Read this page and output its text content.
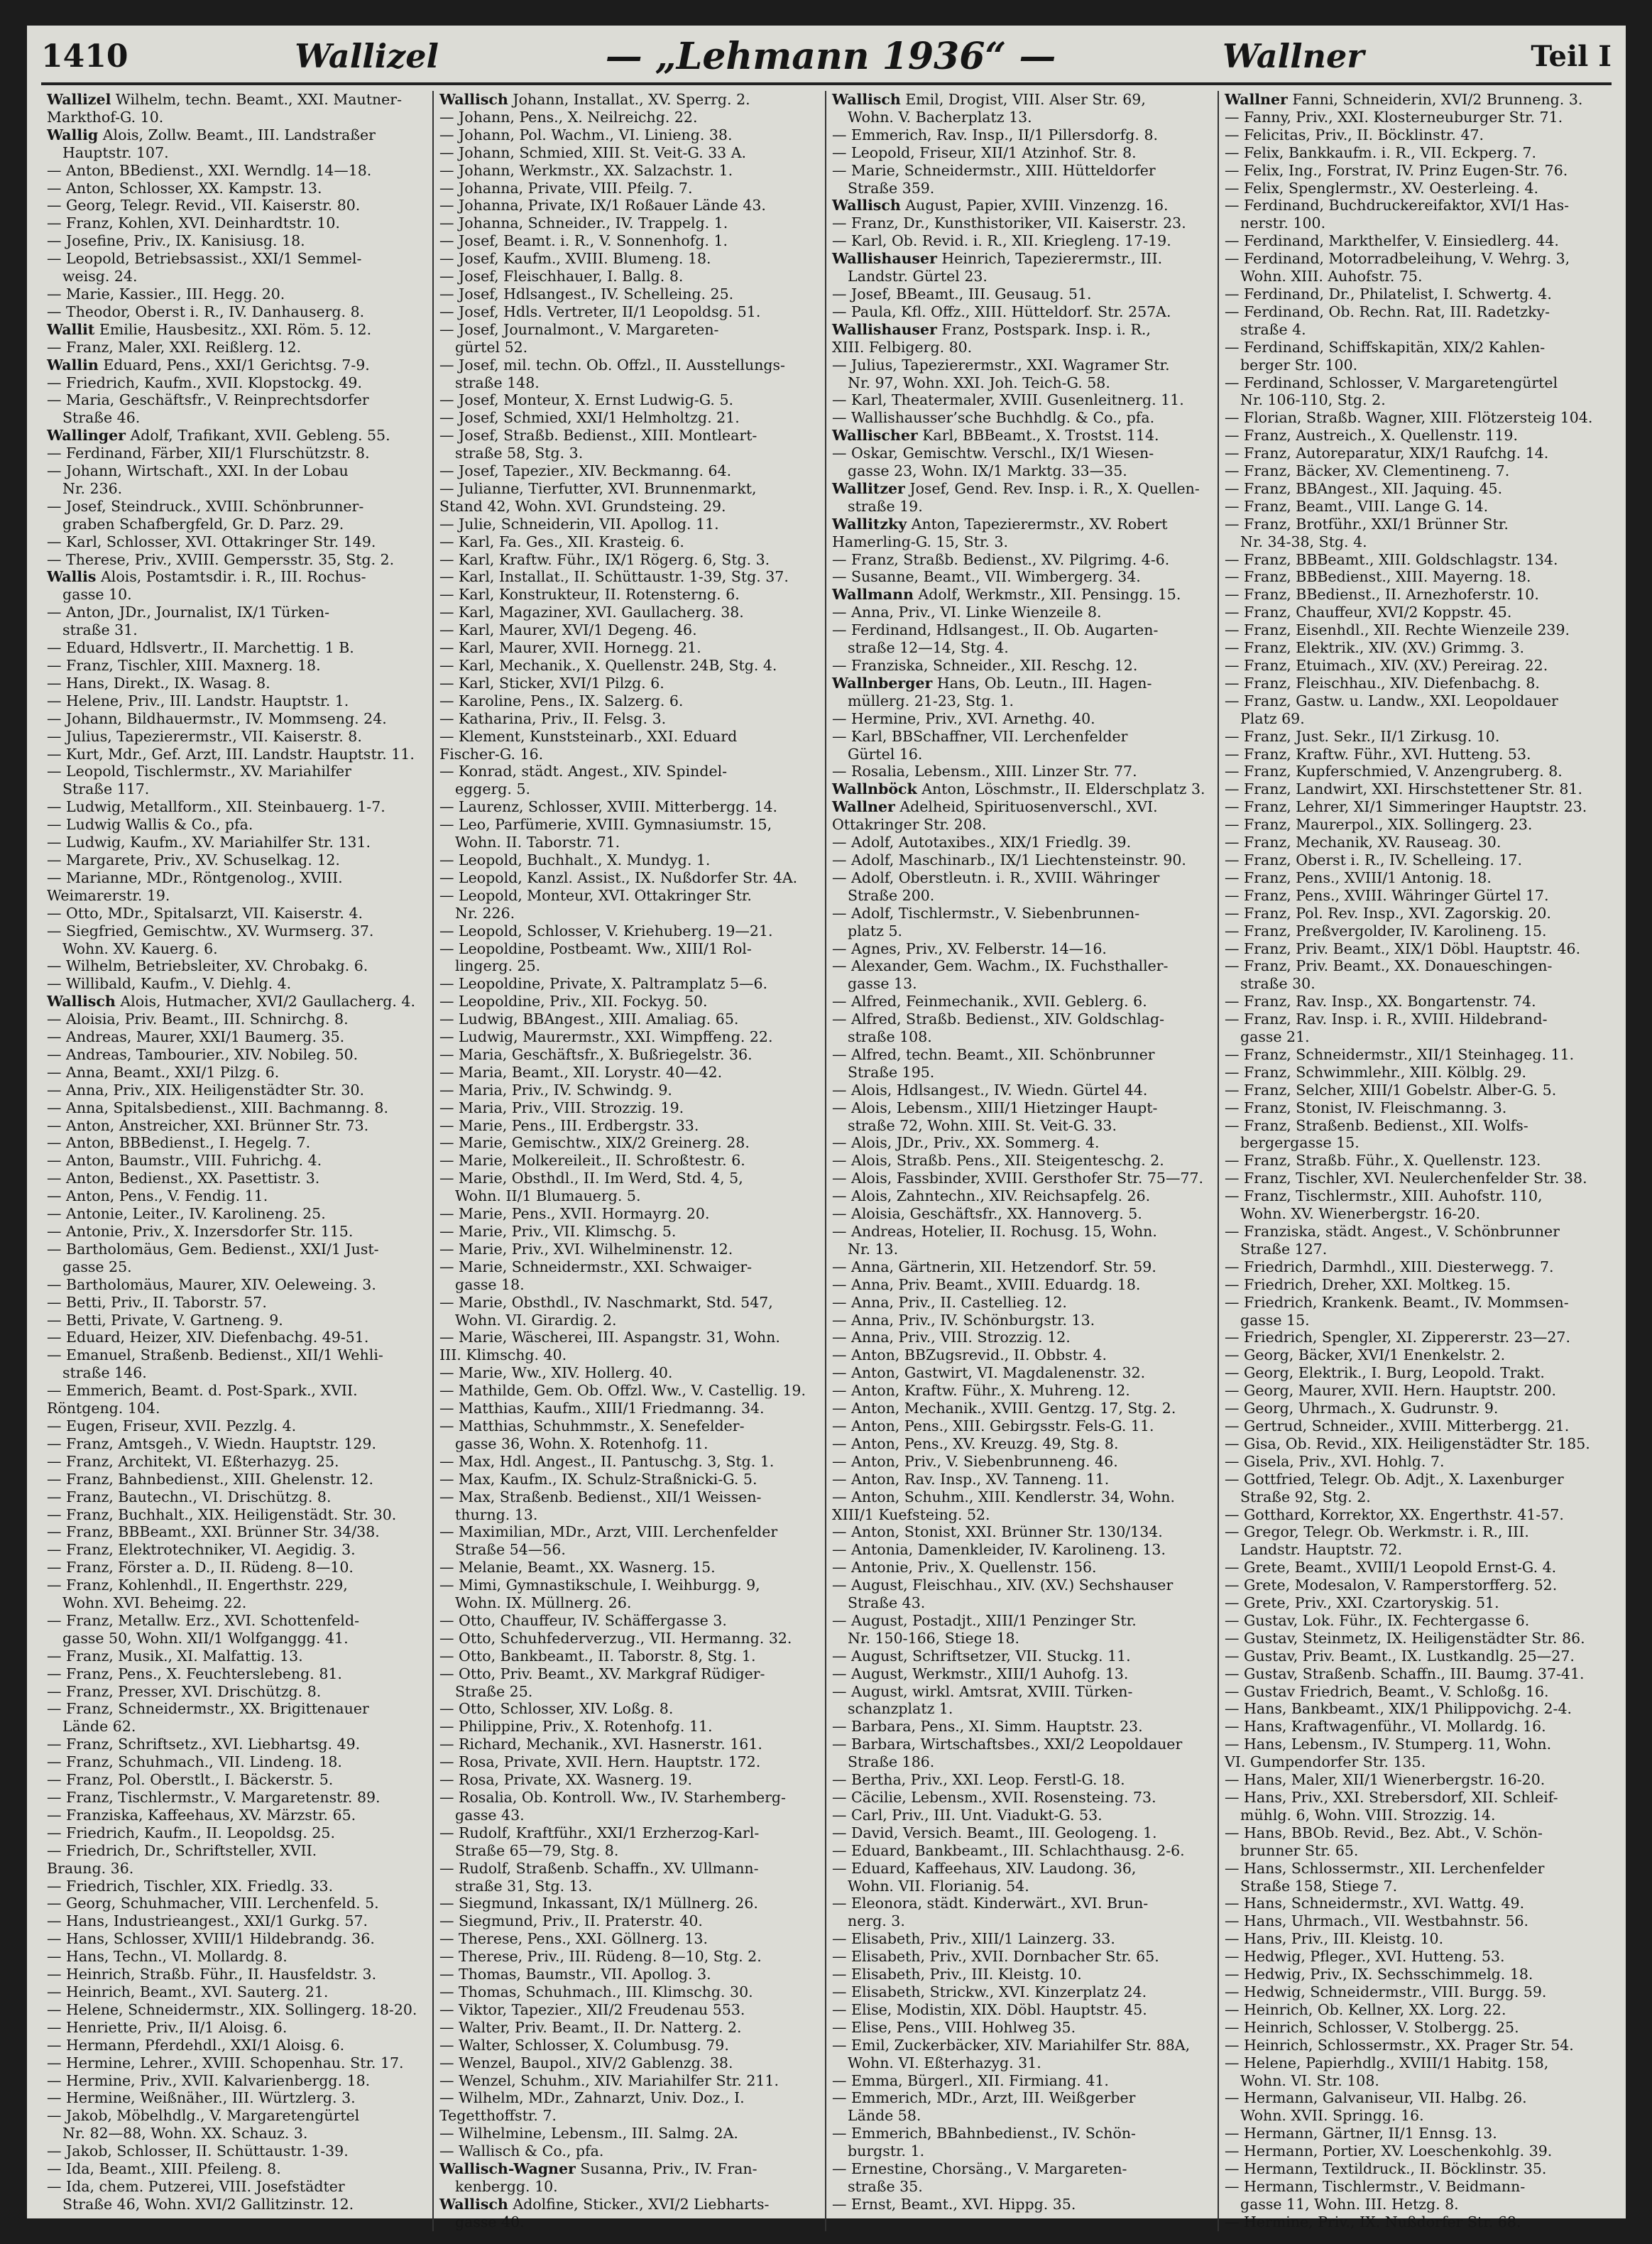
1410	Wallizel	— „Lehmann 1936“ —	Wallner	Teil I
Wallizel Wilhelm, techn. Beamt., XXI. Mautner-
Markthof-G. 10.
Wallig Alois, Zollw. Beamt., III. Landstraßer
Hauptstr. 107.
— Anton, BBedienst., XXI. Werndlg. 14—18.
— Anton, Schlosser, XX. Kampstr. 13.
— Georg, Telegr. Revid., VII. Kaiserstr. 80.
— Franz, Kohlen, XVI. Deinhardtstr. 10.
— Josefine, Priv., IX. Kanisiusg. 18.
— Leopold, Betriebsassist., XXI/1 Semmel-
weisg. 24.
— Marie, Kassier., III. Hegg. 20.
— Theodor, Oberst i. R., IV. Danhauserg. 8.
Wallit Emilie, Hausbesitz., XXI. Röm. 5. 12.
— Franz, Maler, XXI. Reißlerg. 12.
Wallin Eduard, Pens., XXI/1 Gerichtsg. 7-9.
— Friedrich, Kaufm., XVII. Klopstockg. 49.
— Maria, Geschäftsfr., V. Reinprechtsdorfer
Straße 46.
Wallinger Adolf, Trafikant, XVII. Gebleng. 55.
— Ferdinand, Färber, XII/1 Flurschützstr. 8.
— Johann, Wirtschaft., XXI. In der Lobau
Nr. 236.
— Josef, Steindruck., XVIII. Schönbrunner-
graben Schafbergfeld, Gr. D. Parz. 29.
— Karl, Schlosser, XVI. Ottakringer Str. 149.
— Therese, Priv., XVIII. Gempersstr. 35, Stg. 2.
Wallis Alois, Postamtsdir. i. R., III. Rochus-
gasse 10.
— Anton, JDr., Journalist, IX/1 Türken-
straße 31.
— Eduard, Hdlsvertr., II. Marchettig. 1 B.
— Franz, Tischler, XIII. Maxnerg. 18.
— Hans, Direkt., IX. Wasag. 8.
— Helene, Priv., III. Landstr. Hauptstr. 1.
— Johann, Bildhauermstr., IV. Mommseng. 24.
— Julius, Tapezierermstr., VII. Kaiserstr. 8.
— Kurt, Mdr., Gef. Arzt, III. Landstr. Hauptstr. 11.
— Leopold, Tischlermstr., XV. Mariahilfer
Straße 117.
— Ludwig, Metallform., XII. Steinbauerg. 1-7.
— Ludwig Wallis & Co., pfa.
— Ludwig, Kaufm., XV. Mariahilfer Str. 131.
— Margarete, Priv., XV. Schuselkag. 12.
— Marianne, MDr., Röntgenolog., XVIII.
Weimarerstr. 19.
— Otto, MDr., Spitalsarzt, VII. Kaiserstr. 4.
— Siegfried, Gemischtw., XV. Wurmserg. 37.
Wohn. XV. Kauerg. 6.
— Wilhelm, Betriebsleiter, XV. Chrobakg. 6.
— Willibald, Kaufm., V. Diehlg. 4.
Wallisch Alois, Hutmacher, XVI/2 Gaullacherg. 4.
— Aloisia, Priv. Beamt., III. Schnirchg. 8.
— Andreas, Maurer, XXI/1 Baumerg. 35.
— Andreas, Tambourier., XIV. Nobileg. 50.
— Anna, Beamt., XXI/1 Pilzg. 6.
— Anna, Priv., XIX. Heiligenstädter Str. 30.
— Anna, Spitalsbedienst., XIII. Bachmanng. 8.
— Anton, Anstreicher, XXI. Brünner Str. 73.
— Anton, BBBedienst., I. Hegelg. 7.
— Anton, Baumstr., VIII. Fuhrichg. 4.
— Anton, Bedienst., XX. Pasettistr. 3.
— Anton, Pens., V. Fendig. 11.
— Antonie, Leiter., IV. Karolineng. 25.
— Antonie, Priv., X. Inzersdorfer Str. 115.
— Bartholomäus, Gem. Bedienst., XXI/1 Just-
gasse 25.
— Bartholomäus, Maurer, XIV. Oeleweing. 3.
— Betti, Priv., II. Taborstr. 57.
— Betti, Private, V. Gartneng. 9.
— Eduard, Heizer, XIV. Diefenbachg. 49-51.
— Emanuel, Straßenb. Bedienst., XII/1 Wehli-
straße 146.
— Emmerich, Beamt. d. Post-Spark., XVII.
Röntgeng. 104.
— Eugen, Friseur, XVII. Pezzlg. 4.
— Franz, Amtsgeh., V. Wiedn. Hauptstr. 129.
— Franz, Architekt, VI. Eßterhazyg. 25.
— Franz, Bahnbedienst., XIII. Ghelenstr. 12.
— Franz, Bautechn., VI. Drischützg. 8.
— Franz, Buchhalt., XIX. Heiligenstädt. Str. 30.
— Franz, BBBeamt., XXI. Brünner Str. 34/38.
— Franz, Elektrotechniker, VI. Aegidig. 3.
— Franz, Förster a. D., II. Rüdeng. 8—10.
— Franz, Kohlenhdl., II. Engerthstr. 229,
Wohn. XVI. Beheimg. 22.
— Franz, Metallw. Erz., XVI. Schottenfeld-
gasse 50, Wohn. XII/1 Wolfganggg. 41.
— Franz, Musik., XI. Malfattig. 13.
— Franz, Pens., X. Feuchterslebeng. 81.
— Franz, Presser, XVI. Drischützg. 8.
— Franz, Schneidermstr., XX. Brigittenauer
Lände 62.
— Franz, Schriftsetz., XVI. Liebhartsg. 49.
— Franz, Schuhmach., VII. Lindeng. 18.
— Franz, Pol. Oberstlt., I. Bäckerstr. 5.
— Franz, Tischlermstr., V. Margaretenstr. 89.
— Franziska, Kaffeehaus, XV. Märzstr. 65.
— Friedrich, Kaufm., II. Leopoldsg. 25.
— Friedrich, Dr., Schriftsteller, XVII.
Braung. 36.
— Friedrich, Tischler, XIX. Friedlg. 33.
— Georg, Schuhmacher, VIII. Lerchenfeld. 5.
— Hans, Industrieangest., XXI/1 Gurkg. 57.
— Hans, Schlosser, XVIII/1 Hildebrandg. 36.
— Hans, Techn., VI. Mollardg. 8.
— Heinrich, Straßb. Führ., II. Hausfeldstr. 3.
— Heinrich, Beamt., XVI. Sauterg. 21.
— Helene, Schneidermstr., XIX. Sollingerg. 18-20.
— Henriette, Priv., II/1 Aloisg. 6.
— Hermann, Pferdehdl., XXI/1 Aloisg. 6.
— Hermine, Lehrer., XVIII. Schopenhau. Str. 17.
— Hermine, Priv., XVII. Kalvarienbergg. 18.
— Hermine, Weißnäher., III. Würtzlerg. 3.
— Jakob, Möbelhdlg., V. Margaretengürtel
Nr. 82—88, Wohn. XX. Schauz. 3.
— Jakob, Schlosser, II. Schüttaustr. 1-39.
— Ida, Beamt., XIII. Pfeileng. 8.
— Ida, chem. Putzerei, VIII. Josefstädter
Straße 46, Wohn. XVI/2 Gallitzinstr. 12.
Wallisch Johann, Installat., XV. Sperrg. 2.
— Johann, Pens., X. Neilreichg. 22.
— Johann, Pol. Wachm., VI. Linieng. 38.
— Johann, Schmied, XIII. St. Veit-G. 33 A.
— Johann, Werkmstr., XX. Salzachstr. 1.
— Johanna, Private, VIII. Pfeilg. 7.
— Johanna, Private, IX/1 Roßauer Lände 43.
— Johanna, Schneider., IV. Trappelg. 1.
— Josef, Beamt. i. R., V. Sonnenhofg. 1.
— Josef, Kaufm., XVIII. Blumeng. 18.
— Josef, Fleischhauer, I. Ballg. 8.
— Josef, Hdlsangest., IV. Schelleing. 25.
— Josef, Hdls. Vertreter, II/1 Leopoldsg. 51.
— Josef, Journalmont., V. Margareten-
gürtel 52.
— Josef, mil. techn. Ob. Offzl., II. Ausstellungs-
straße 148.
— Josef, Monteur, X. Ernst Ludwig-G. 5.
— Josef, Schmied, XXI/1 Helmholtzg. 21.
— Josef, Straßb. Bedienst., XIII. Montleart-
straße 58, Stg. 3.
— Josef, Tapezier., XIV. Beckmanng. 64.
— Julianne, Tierfutter, XVI. Brunnenmarkt,
Stand 42, Wohn. XVI. Grundsteing. 29.
— Julie, Schneiderin, VII. Apollog. 11.
— Karl, Fa. Ges., XII. Krasteig. 6.
— Karl, Kraftw. Führ., IX/1 Rögerg. 6, Stg. 3.
— Karl, Installat., II. Schüttaustr. 1-39, Stg. 37.
— Karl, Konstrukteur, II. Rotensterng. 6.
— Karl, Magaziner, XVI. Gaullacherg. 38.
— Karl, Maurer, XVI/1 Degeng. 46.
— Karl, Maurer, XVII. Hornegg. 21.
— Karl, Mechanik., X. Quellenstr. 24B, Stg. 4.
— Karl, Sticker, XVI/1 Pilzg. 6.
— Karoline, Pens., IX. Salzerg. 6.
— Katharina, Priv., II. Felsg. 3.
— Klement, Kunststeinarb., XXI. Eduard
Fischer-G. 16.
— Konrad, städt. Angest., XIV. Spindel-
eggerg. 5.
— Laurenz, Schlosser, XVIII. Mitterbergg. 14.
— Leo, Parfümerie, XVIII. Gymnasiumstr. 15,
Wohn. II. Taborstr. 71.
— Leopold, Buchhalt., X. Mundyg. 1.
— Leopold, Kanzl. Assist., IX. Nußdorfer Str. 4A.
— Leopold, Monteur, XVI. Ottakringer Str.
Nr. 226.
— Leopold, Schlosser, V. Kriehuberg. 19—21.
— Leopoldine, Postbeamt. Ww., XIII/1 Rol-
lingerg. 25.
— Leopoldine, Private, X. Paltramplatz 5—6.
— Leopoldine, Priv., XII. Fockyg. 50.
— Ludwig, BBAngest., XIII. Amaliag. 65.
— Ludwig, Maurermstr., XXI. Wimpffeng. 22.
— Maria, Geschäftsfr., X. Bußriegelstr. 36.
— Maria, Beamt., XII. Lorystr. 40—42.
— Maria, Priv., IV. Schwindg. 9.
— Maria, Priv., VIII. Strozzig. 19.
— Marie, Pens., III. Erdbergstr. 33.
— Marie, Gemischtw., XIX/2 Greinerg. 28.
— Marie, Molkereileit., II. Schroßtestr. 6.
— Marie, Obsthdl., II. Im Werd, Std. 4, 5,
Wohn. II/1 Blumauerg. 5.
— Marie, Pens., XVII. Hormayrg. 20.
— Marie, Priv., VII. Klimschg. 5.
— Marie, Priv., XVI. Wilhelminenstr. 12.
— Marie, Schneidermstr., XXI. Schwaiger-
gasse 18.
— Marie, Obsthdl., IV. Naschmarkt, Std. 547,
Wohn. VI. Girardig. 2.
— Marie, Wäscherei, III. Aspangstr. 31, Wohn.
III. Klimschg. 40.
— Marie, Ww., XIV. Hollerg. 40.
— Mathilde, Gem. Ob. Offzl. Ww., V. Castellig. 19.
— Matthias, Kaufm., XIII/1 Friedmanng. 34.
— Matthias, Schuhmmstr., X. Senefelder-
gasse 36, Wohn. X. Rotenhofg. 11.
— Max, Hdl. Angest., II. Pantuschg. 3, Stg. 1.
— Max, Kaufm., IX. Schulz-Straßnicki-G. 5.
— Max, Straßenb. Bedienst., XII/1 Weissen-
thurng. 13.
— Maximilian, MDr., Arzt, VIII. Lerchenfelder
Straße 54—56.
— Melanie, Beamt., XX. Wasnerg. 15.
— Mimi, Gymnastikschule, I. Weihburgg. 9,
Wohn. IX. Müllnerg. 26.
— Otto, Chauffeur, IV. Schäffergasse 3.
— Otto, Schuhfederverzug., VII. Hermanng. 32.
— Otto, Bankbeamt., II. Taborstr. 8, Stg. 1.
— Otto, Priv. Beamt., XV. Markgraf Rüdiger-
Straße 25.
— Otto, Schlosser, XIV. Loßg. 8.
— Philippine, Priv., X. Rotenhofg. 11.
— Richard, Mechanik., XVI. Hasnerstr. 161.
— Rosa, Private, XVII. Hern. Hauptstr. 172.
— Rosa, Private, XX. Wasnerg. 19.
— Rosalia, Ob. Kontroll. Ww., IV. Starhemberg-
gasse 43.
— Rudolf, Kraftführ., XXI/1 Erzherzog-Karl-
Straße 65—79, Stg. 8.
— Rudolf, Straßenb. Schaffn., XV. Ullmann-
straße 31, Stg. 13.
— Siegmund, Inkassant, IX/1 Müllnerg. 26.
— Siegmund, Priv., II. Praterstr. 40.
— Therese, Pens., XXI. Göllnerg. 13.
— Therese, Priv., III. Rüdeng. 8—10, Stg. 2.
— Thomas, Baumstr., VII. Apollog. 3.
— Thomas, Schuhmach., III. Klimschg. 30.
— Viktor, Tapezier., XII/2 Freudenau 553.
— Walter, Priv. Beamt., II. Dr. Natterg. 2.
— Walter, Schlosser, X. Columbusg. 79.
— Wenzel, Baupol., XIV/2 Gablenzg. 38.
— Wenzel, Schuhm., XIV. Mariahilfer Str. 211.
— Wilhelm, MDr., Zahnarzt, Univ. Doz., I.
Tegetthoffstr. 7.
— Wilhelmine, Lebensm., III. Salmg. 2A.
— Wallisch & Co., pfa.
Wallisch-Wagner Susanna, Priv., IV. Fran-
kenbergg. 10.
Wallisch Adolfine, Sticker., XVI/2 Liebharts-
gasse 40.
Wallisch Emil, Drogist, VIII. Alser Str. 69,
Wohn. V. Bacherplatz 13.
— Emmerich, Rav. Insp., II/1 Pillersdorfg. 8.
— Leopold, Friseur, XII/1 Atzinhof. Str. 8.
— Marie, Schneidermstr., XIII. Hütteldorfer
Straße 359.
Wallisch August, Papier, XVIII. Vinzenzg. 16.
— Franz, Dr., Kunsthistoriker, VII. Kaiserstr. 23.
— Karl, Ob. Revid. i. R., XII. Kriegleng. 17-19.
Wallishauser Heinrich, Tapezierermstr., III.
Landstr. Gürtel 23.
— Josef, BBeamt., III. Geusaug. 51.
— Paula, Kfl. Offz., XIII. Hütteldorf. Str. 257A.
Wallishauser Franz, Postspark. Insp. i. R.,
XIII. Felbigerg. 80.
— Julius, Tapezierermstr., XXI. Wagramer Str.
Nr. 97, Wohn. XXI. Joh. Teich-G. 58.
— Karl, Theatermaler, XVIII. Gusenleitnerg. 11.
— Wallishausser’sche Buchhdlg. & Co., pfa.
Wallischer Karl, BBBeamt., X. Trostst. 114.
— Oskar, Gemischtw. Verschl., IX/1 Wiesen-
gasse 23, Wohn. IX/1 Marktg. 33—35.
Wallitzer Josef, Gend. Rev. Insp. i. R., X. Quellen-
straße 19.
Wallitzky Anton, Tapezierermstr., XV. Robert
Hamerling-G. 15, Str. 3.
— Franz, Straßb. Bedienst., XV. Pilgrimg. 4-6.
— Susanne, Beamt., VII. Wimbergerg. 34.
Wallmann Adolf, Werkmstr., XII. Pensingg. 15.
— Anna, Priv., VI. Linke Wienzeile 8.
— Ferdinand, Hdlsangest., II. Ob. Augarten-
straße 12—14, Stg. 4.
— Franziska, Schneider., XII. Reschg. 12.
Wallnberger Hans, Ob. Leutn., III. Hagen-
müllerg. 21-23, Stg. 1.
— Hermine, Priv., XVI. Arnethg. 40.
— Karl, BBSchaffner, VII. Lerchenfelder
Gürtel 16.
— Rosalia, Lebensm., XIII. Linzer Str. 77.
Wallnböck Anton, Löschmstr., II. Elderschplatz 3.
Wallner Adelheid, Spirituosenverschl., XVI.
Ottakringer Str. 208.
— Adolf, Autotaxibes., XIX/1 Friedlg. 39.
— Adolf, Maschinarb., IX/1 Liechtensteinstr. 90.
— Adolf, Oberstleutn. i. R., XVIII. Währinger
Straße 200.
— Adolf, Tischlermstr., V. Siebenbrunnen-
platz 5.
— Agnes, Priv., XV. Felberstr. 14—16.
— Alexander, Gem. Wachm., IX. Fuchsthaller-
gasse 13.
— Alfred, Feinmechanik., XVII. Geblerg. 6.
— Alfred, Straßb. Bedienst., XIV. Goldschlag-
straße 108.
— Alfred, techn. Beamt., XII. Schönbrunner
Straße 195.
— Alois, Hdlsangest., IV. Wiedn. Gürtel 44.
— Alois, Lebensm., XIII/1 Hietzinger Haupt-
straße 72, Wohn. XIII. St. Veit-G. 33.
— Alois, JDr., Priv., XX. Sommerg. 4.
— Alois, Straßb. Pens., XII. Steigenteschg. 2.
— Alois, Fassbinder, XVIII. Gersthofer Str. 75—77.
— Alois, Zahntechn., XIV. Reichsapfelg. 26.
— Aloisia, Geschäftsfr., XX. Hannoverg. 5.
— Andreas, Hotelier, II. Rochusg. 15, Wohn.
Nr. 13.
— Anna, Gärtnerin, XII. Hetzendorf. Str. 59.
— Anna, Priv. Beamt., XVIII. Eduardg. 18.
— Anna, Priv., II. Castellieg. 12.
— Anna, Priv., IV. Schönburgstr. 13.
— Anna, Priv., VIII. Strozzig. 12.
— Anton, BBZugsrevid., II. Obbstr. 4.
— Anton, Gastwirt, VI. Magdalenenstr. 32.
— Anton, Kraftw. Führ., X. Muhreng. 12.
— Anton, Mechanik., XVIII. Gentzg. 17, Stg. 2.
— Anton, Pens., XIII. Gebirgsstr. Fels-G. 11.
— Anton, Pens., XV. Kreuzg. 49, Stg. 8.
— Anton, Priv., V. Siebenbrunneng. 46.
— Anton, Rav. Insp., XV. Tanneng. 11.
— Anton, Schuhm., XIII. Kendlerstr. 34, Wohn.
XIII/1 Kuefsteing. 52.
— Anton, Stonist, XXI. Brünner Str. 130/134.
— Antonia, Damenkleider, IV. Karolineng. 13.
— Antonie, Priv., X. Quellenstr. 156.
— August, Fleischhau., XIV. (XV.) Sechshauser
Straße 43.
— August, Postadjt., XIII/1 Penzinger Str.
Nr. 150-166, Stiege 18.
— August, Schriftsetzer, VII. Stuckg. 11.
— August, Werkmstr., XIII/1 Auhofg. 13.
— August, wirkl. Amtsrat, XVIII. Türken-
schanzplatz 1.
— Barbara, Pens., XI. Simm. Hauptstr. 23.
— Barbara, Wirtschaftsbes., XXI/2 Leopoldauer
Straße 186.
— Bertha, Priv., XXI. Leop. Ferstl-G. 18.
— Cäcilie, Lebensm., XVII. Rosensteing. 73.
— Carl, Priv., III. Unt. Viadukt-G. 53.
— David, Versich. Beamt., III. Geologeng. 1.
— Eduard, Bankbeamt., III. Schlachthausg. 2-6.
— Eduard, Kaffeehaus, XIV. Laudong. 36,
Wohn. VII. Florianig. 54.
— Eleonora, städt. Kinderwärt., XVI. Brun-
nerg. 3.
— Elisabeth, Priv., XIII/1 Lainzerg. 33.
— Elisabeth, Priv., XVII. Dornbacher Str. 65.
— Elisabeth, Priv., III. Kleistg. 10.
— Elisabeth, Strickw., XVI. Kinzerplatz 24.
— Elise, Modistin, XIX. Döbl. Hauptstr. 45.
— Elise, Pens., VIII. Hohlweg 35.
— Emil, Zuckerbäcker, XIV. Mariahilfer Str. 88A,
Wohn. VI. Eßterhazyg. 31.
— Emma, Bürgerl., XII. Firmiang. 41.
— Emmerich, MDr., Arzt, III. Weißgerber
Lände 58.
— Emmerich, BBahnbedienst., IV. Schön-
burgstr. 1.
— Ernestine, Chorsäng., V. Margareten-
straße 35.
— Ernst, Beamt., XVI. Hippg. 35.
Wallner Fanni, Schneiderin, XVI/2 Brunneng. 3.
— Fanny, Priv., XXI. Klosterneuburger Str. 71.
— Felicitas, Priv., II. Böcklinstr. 47.
— Felix, Bankkaufm. i. R., VII. Eckperg. 7.
— Felix, Ing., Forstrat, IV. Prinz Eugen-Str. 76.
— Felix, Spenglermstr., XV. Oesterleing. 4.
— Ferdinand, Buchdruckereifaktor, XVI/1 Has-
nerstr. 100.
— Ferdinand, Markthelfer, V. Einsiedlerg. 44.
— Ferdinand, Motorradbeleihung, V. Wehrg. 3,
Wohn. XIII. Auhofstr. 75.
— Ferdinand, Dr., Philatelist, I. Schwertg. 4.
— Ferdinand, Ob. Rechn. Rat, III. Radetzky-
straße 4.
— Ferdinand, Schiffskapitän, XIX/2 Kahlen-
berger Str. 100.
— Ferdinand, Schlosser, V. Margaretengürtel
Nr. 106-110, Stg. 2.
— Florian, Straßb. Wagner, XIII. Flötzersteig 104.
— Franz, Austreich., X. Quellenstr. 119.
— Franz, Autoreparatur, XIX/1 Raufchg. 14.
— Franz, Bäcker, XV. Clementineng. 7.
— Franz, BBAngest., XII. Jaquing. 45.
— Franz, Beamt., VIII. Lange G. 14.
— Franz, Brotführ., XXI/1 Brünner Str.
Nr. 34-38, Stg. 4.
— Franz, BBBeamt., XIII. Goldschlagstr. 134.
— Franz, BBBedienst., XIII. Mayerng. 18.
— Franz, BBedienst., II. Arnezhoferstr. 10.
— Franz, Chauffeur, XVI/2 Koppstr. 45.
— Franz, Eisenhdl., XII. Rechte Wienzeile 239.
— Franz, Elektrik., XIV. (XV.) Grimmg. 3.
— Franz, Etuimach., XIV. (XV.) Pereirag. 22.
— Franz, Fleischhau., XIV. Diefenbachg. 8.
— Franz, Gastw. u. Landw., XXI. Leopoldauer
Platz 69.
— Franz, Just. Sekr., II/1 Zirkusg. 10.
— Franz, Kraftw. Führ., XVI. Hutteng. 53.
— Franz, Kupferschmied, V. Anzengruberg. 8.
— Franz, Landwirt, XXI. Hirschstettener Str. 81.
— Franz, Lehrer, XI/1 Simmeringer Hauptstr. 23.
— Franz, Maurerpol., XIX. Sollingerg. 23.
— Franz, Mechanik, XV. Rauseag. 30.
— Franz, Oberst i. R., IV. Schelleing. 17.
— Franz, Pens., XVIII/1 Antonig. 18.
— Franz, Pens., XVIII. Währinger Gürtel 17.
— Franz, Pol. Rev. Insp., XVI. Zagorskig. 20.
— Franz, Preßvergolder, IV. Karolineng. 15.
— Franz, Priv. Beamt., XIX/1 Döbl. Hauptstr. 46.
— Franz, Priv. Beamt., XX. Donaueschingen-
straße 30.
— Franz, Rav. Insp., XX. Bongartenstr. 74.
— Franz, Rav. Insp. i. R., XVIII. Hildebrand-
gasse 21.
— Franz, Schneidermstr., XII/1 Steinhageg. 11.
— Franz, Schwimmlehr., XIII. Kölblg. 29.
— Franz, Selcher, XIII/1 Gobelstr. Alber-G. 5.
— Franz, Stonist, IV. Fleischmanng. 3.
— Franz, Straßenb. Bedienst., XII. Wolfs-
bergergasse 15.
— Franz, Straßb. Führ., X. Quellenstr. 123.
— Franz, Tischler, XVI. Neulerchenfelder Str. 38.
— Franz, Tischlermstr., XIII. Auhofstr. 110,
Wohn. XV. Wienerbergstr. 16-20.
— Franziska, städt. Angest., V. Schönbrunner
Straße 127.
— Friedrich, Darmhdl., XIII. Diesterwegg. 7.
— Friedrich, Dreher, XXI. Moltkeg. 15.
— Friedrich, Krankenk. Beamt., IV. Mommsen-
gasse 15.
— Friedrich, Spengler, XI. Zippererstr. 23—27.
— Georg, Bäcker, XVI/1 Enenkelstr. 2.
— Georg, Elektrik., I. Burg, Leopold. Trakt.
— Georg, Maurer, XVII. Hern. Hauptstr. 200.
— Georg, Uhrmach., X. Gudrunstr. 9.
— Gertrud, Schneider., XVIII. Mitterbergg. 21.
— Gisa, Ob. Revid., XIX. Heiligenstädter Str. 185.
— Gisela, Priv., XVI. Hohlg. 7.
— Gottfried, Telegr. Ob. Adjt., X. Laxenburger
Straße 92, Stg. 2.
— Gotthard, Korrektor, XX. Engerthstr. 41-57.
— Gregor, Telegr. Ob. Werkmstr. i. R., III.
Landstr. Hauptstr. 72.
— Grete, Beamt., XVIII/1 Leopold Ernst-G. 4.
— Grete, Modesalon, V. Ramperstorfferg. 52.
— Grete, Priv., XXI. Czartoryskig. 51.
— Gustav, Lok. Führ., IX. Fechtergasse 6.
— Gustav, Steinmetz, IX. Heiligenstädter Str. 86.
— Gustav, Priv. Beamt., IX. Lustkandlg. 25—27.
— Gustav, Straßenb. Schaffn., III. Baumg. 37-41.
— Gustav Friedrich, Beamt., V. Schloßg. 16.
— Hans, Bankbeamt., XIX/1 Philippovichg. 2-4.
— Hans, Kraftwagenführ., VI. Mollardg. 16.
— Hans, Lebensm., IV. Stumperg. 11, Wohn.
VI. Gumpendorfer Str. 135.
— Hans, Maler, XII/1 Wienerbergstr. 16-20.
— Hans, Priv., XXI. Strebersdorf, XII. Schleif-
mühlg. 6, Wohn. VIII. Strozzig. 14.
— Hans, BBOb. Revid., Bez. Abt., V. Schön-
brunner Str. 65.
— Hans, Schlossermstr., XII. Lerchenfelder
Straße 158, Stiege 7.
— Hans, Schneidermstr., XVI. Wattg. 49.
— Hans, Uhrmach., VII. Westbahnstr. 56.
— Hans, Priv., III. Kleistg. 10.
— Hedwig, Pfleger., XVI. Hutteng. 53.
— Hedwig, Priv., IX. Sechsschimmelg. 18.
— Hedwig, Schneidermstr., VIII. Burgg. 59.
— Heinrich, Ob. Kellner, XX. Lorg. 22.
— Heinrich, Schlosser, V. Stolbergg. 25.
— Heinrich, Schlossermstr., XX. Prager Str. 54.
— Helene, Papierhdlg., XVIII/1 Habitg. 158,
Wohn. VI. Str. 108.
— Hermann, Galvaniseur, VII. Halbg. 26.
Wohn. XVII. Springg. 16.
— Hermann, Gärtner, II/1 Ennsg. 13.
— Hermann, Portier, XV. Loeschenkohlg. 39.
— Hermann, Textildruck., II. Böcklinstr. 35.
— Hermann, Tischlermstr., V. Beidmann-
gasse 11, Wohn. III. Hetzg. 8.
— Hermine, Priv., IX. Nußdorfer Str. 68.
